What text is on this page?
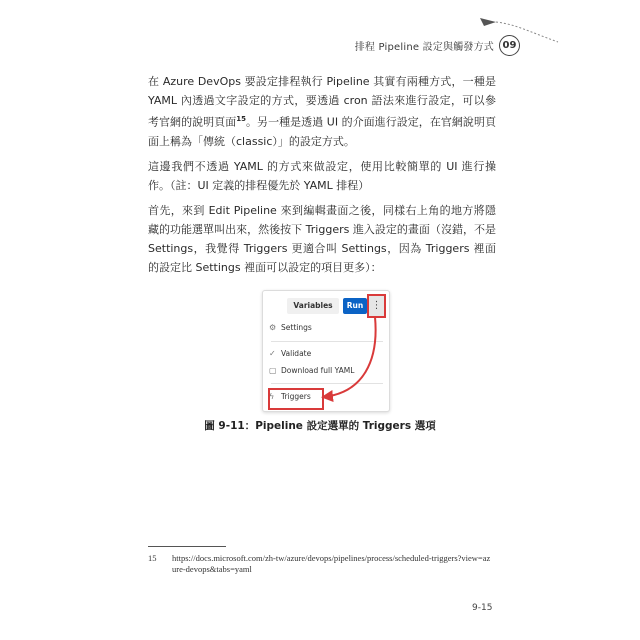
排程 Pipeline 設定與觸發方式 09

在 Azure DevOps 要設定排程執行 Pipeline 其實有兩種方式，一種是 YAML 內透過文字設定的方式，要透過 cron 語法來進行設定，可以參考官網的說明頁面$^{15}$。另一種是透過 UI 的介面進行設定，在官網說明頁面上稱為「傳統（classic）」的設定方式。

這邊我們不透過 YAML 的方式來做設定，使用比較簡單的 UI 進行操作。（註：UI 定義的排程優先於 YAML 排程）

首先，來到 Edit Pipeline 來到編輯畫面之後，同樣右上角的地方將隱藏的功能選單叫出來，然後按下 Triggers 進入設定的畫面（沒錯，不是 Settings，我覺得 Triggers 更適合叫 Settings，因為 Triggers 裡面的設定比 Settings 裡面可以設定的項目更多）：

Variables	Run ⋮
⚙ Settings
✓ Validate
▢ Download full YAML
ϟ Triggers
圖 9-11：Pipeline 設定選單的 Triggers 選項
15 https://docs.microsoft.com/zh-tw/azure/devops/pipelines/process/scheduled-triggers?view=azure-devops&tabs=yaml
9-15
